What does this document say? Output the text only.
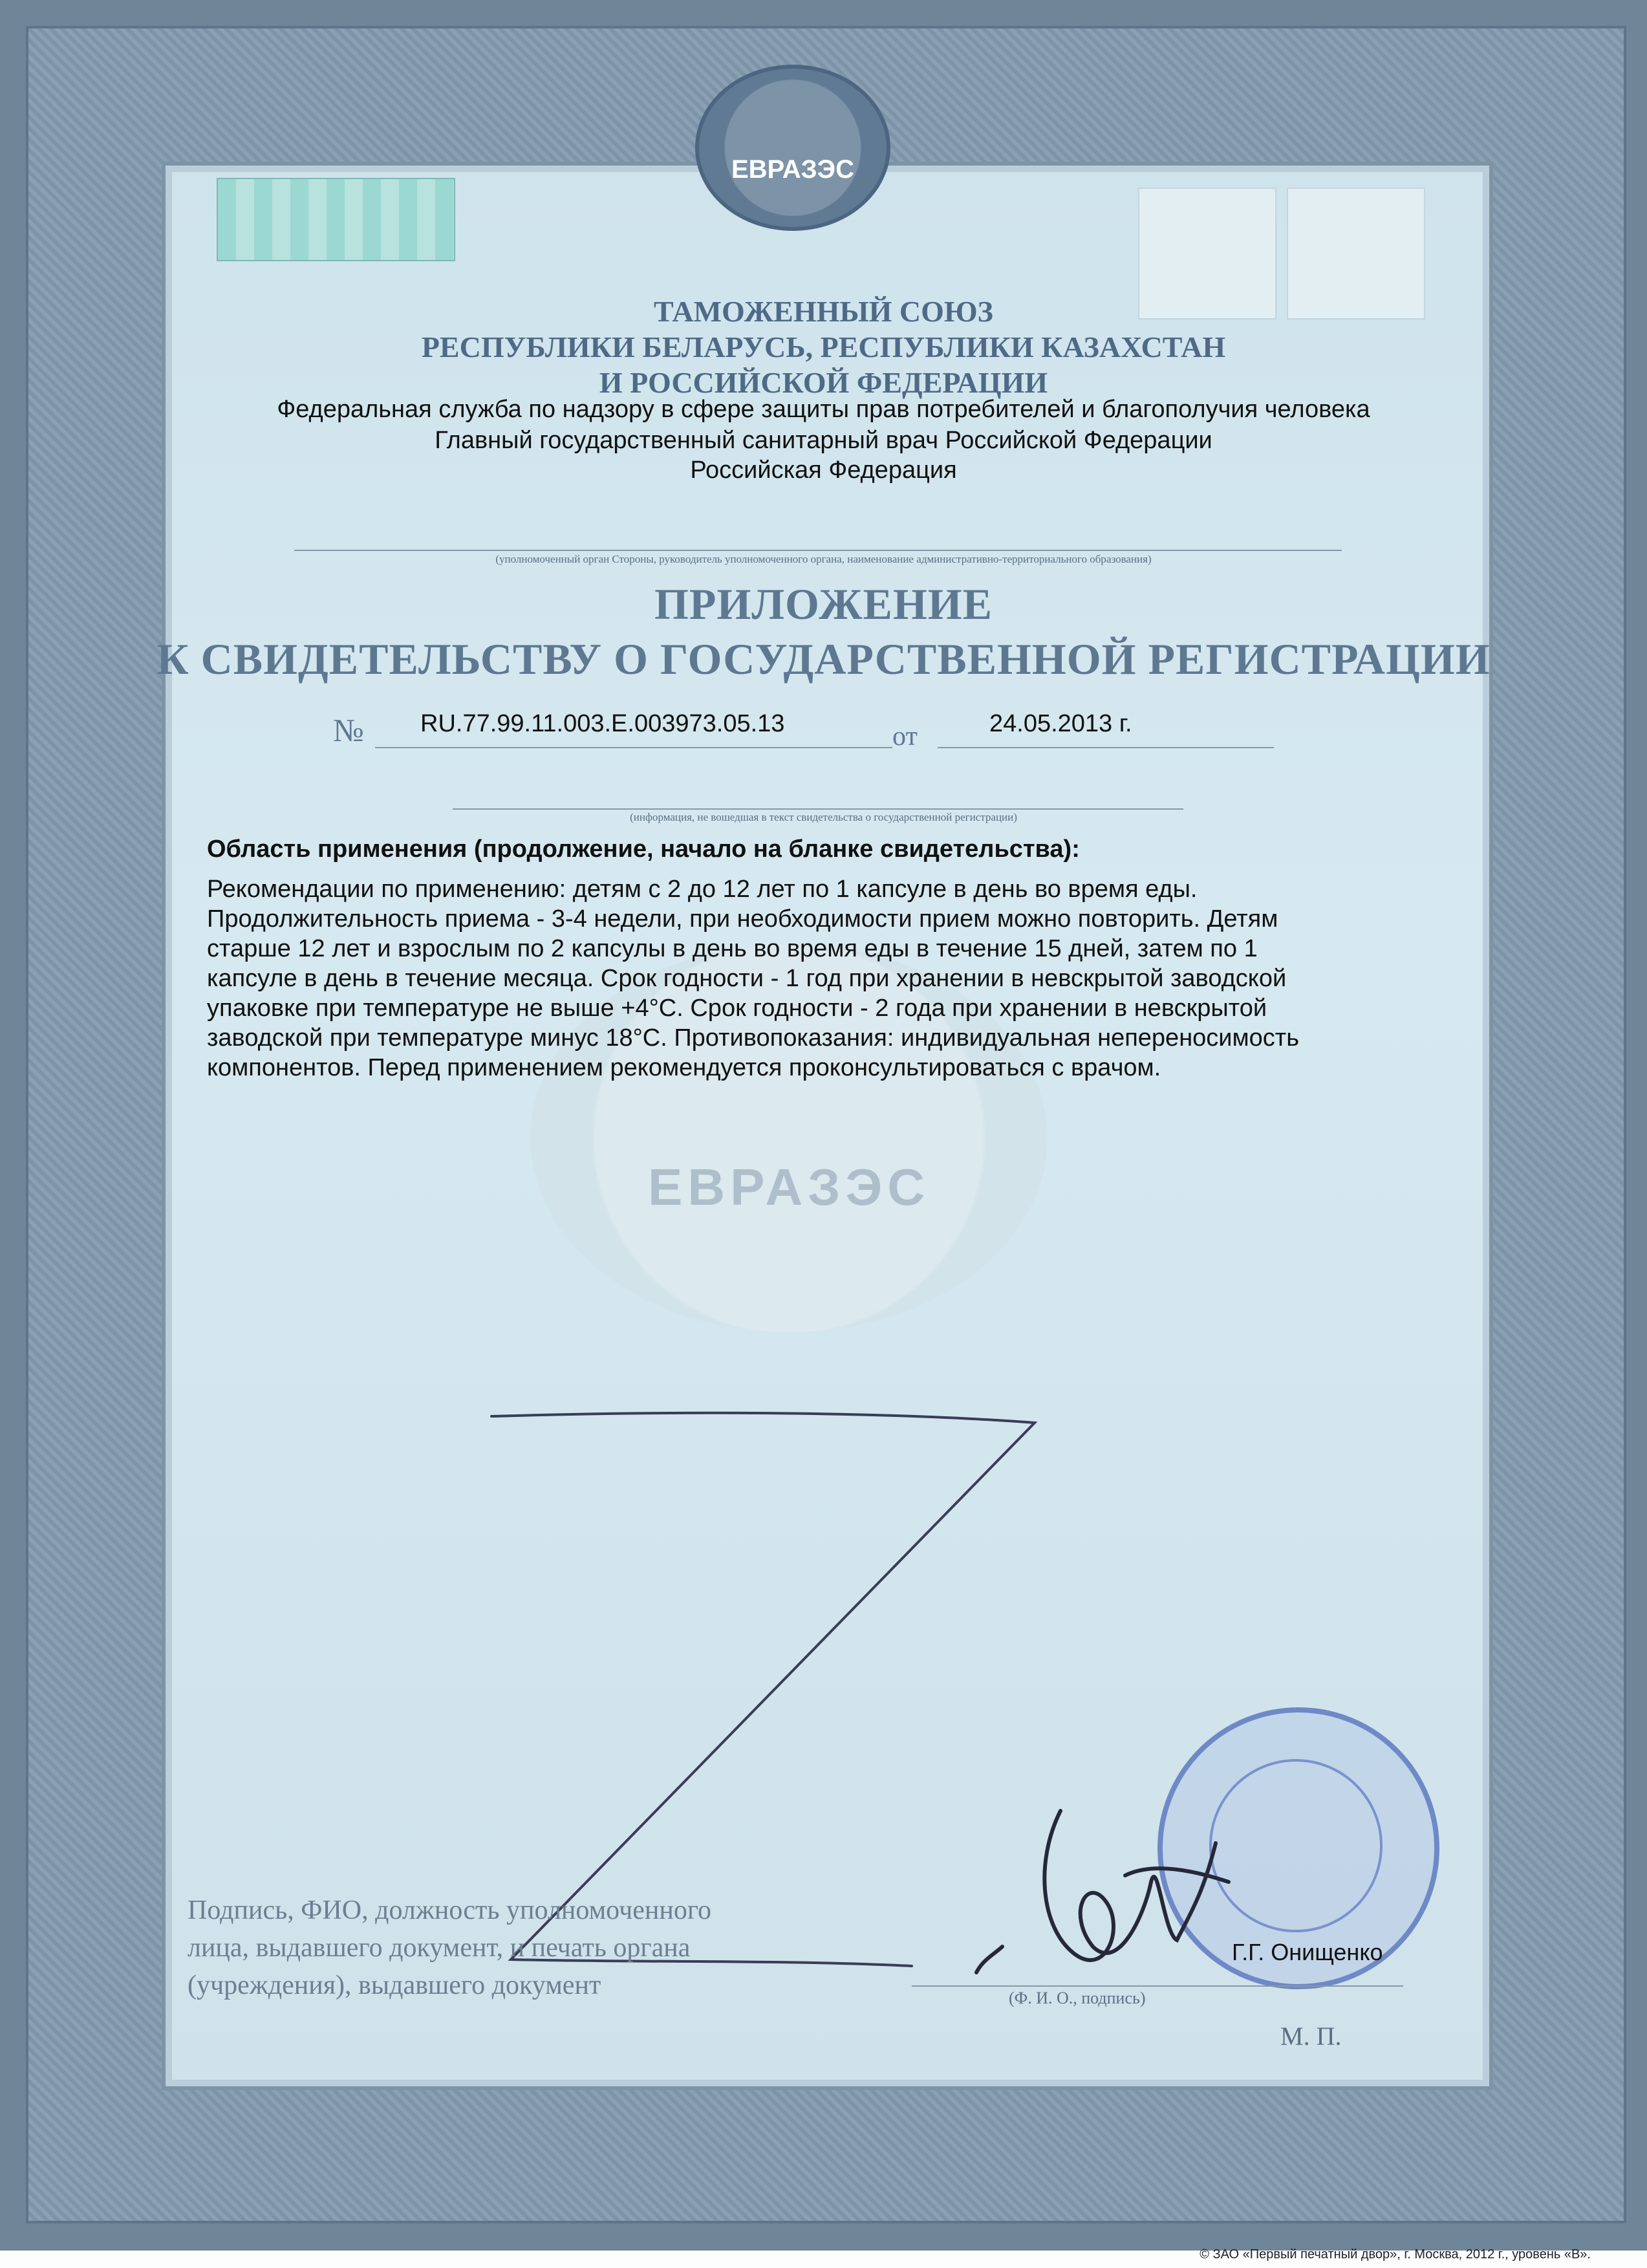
ЕВРАЗЭС
ЕВРАЗЭС
ТАМОЖЕННЫЙ СОЮЗ
РЕСПУБЛИКИ БЕЛАРУСЬ, РЕСПУБЛИКИ КАЗАХСТАН
И РОССИЙСКОЙ ФЕДЕРАЦИИ
Федеральная служба по надзору в сфере защиты прав потребителей и благополучия человека
Главный государственный санитарный врач Российской Федерации
Российская Федерация
(уполномоченный орган Стороны, руководитель уполномоченного органа, наименование административно-территориального образования)
ПРИЛОЖЕНИЕ
К СВИДЕТЕЛЬСТВУ О ГОСУДАРСТВЕННОЙ РЕГИСТРАЦИИ
№ RU.77.99.11.003.E.003973.05.13	от	24.05.2013 г.
(информация, не вошедшая в текст свидетельства о государственной регистрации)
Область применения (продолжение, начало на бланке свидетельства):
Рекомендации по применению: детям с 2 до 12 лет по 1 капсуле в день во время еды.
Продолжительность приема - 3-4 недели, при необходимости прием можно повторить. Детям
старше 12 лет и взрослым по 2 капсулы в день во время еды в течение 15 дней, затем по 1
капсуле в день в течение месяца. Срок годности - 1 год при хранении в невскрытой заводской
упаковке при температуре не выше +4°С. Срок годности - 2 года при хранении в невскрытой
заводской при температуре минус 18°С. Противопоказания: индивидуальная непереносимость
компонентов. Перед применением рекомендуется проконсультироваться с врачом.
Подпись, ФИО, должность уполномоченного
лица, выдавшего документ, и печать органа
(учреждения), выдавшего документ
Г.Г. Онищенко
(Ф. И. О., подпись)
М. П.
© ЗАО «Первый печатный двор», г. Москва, 2012 г., уровень «В».
